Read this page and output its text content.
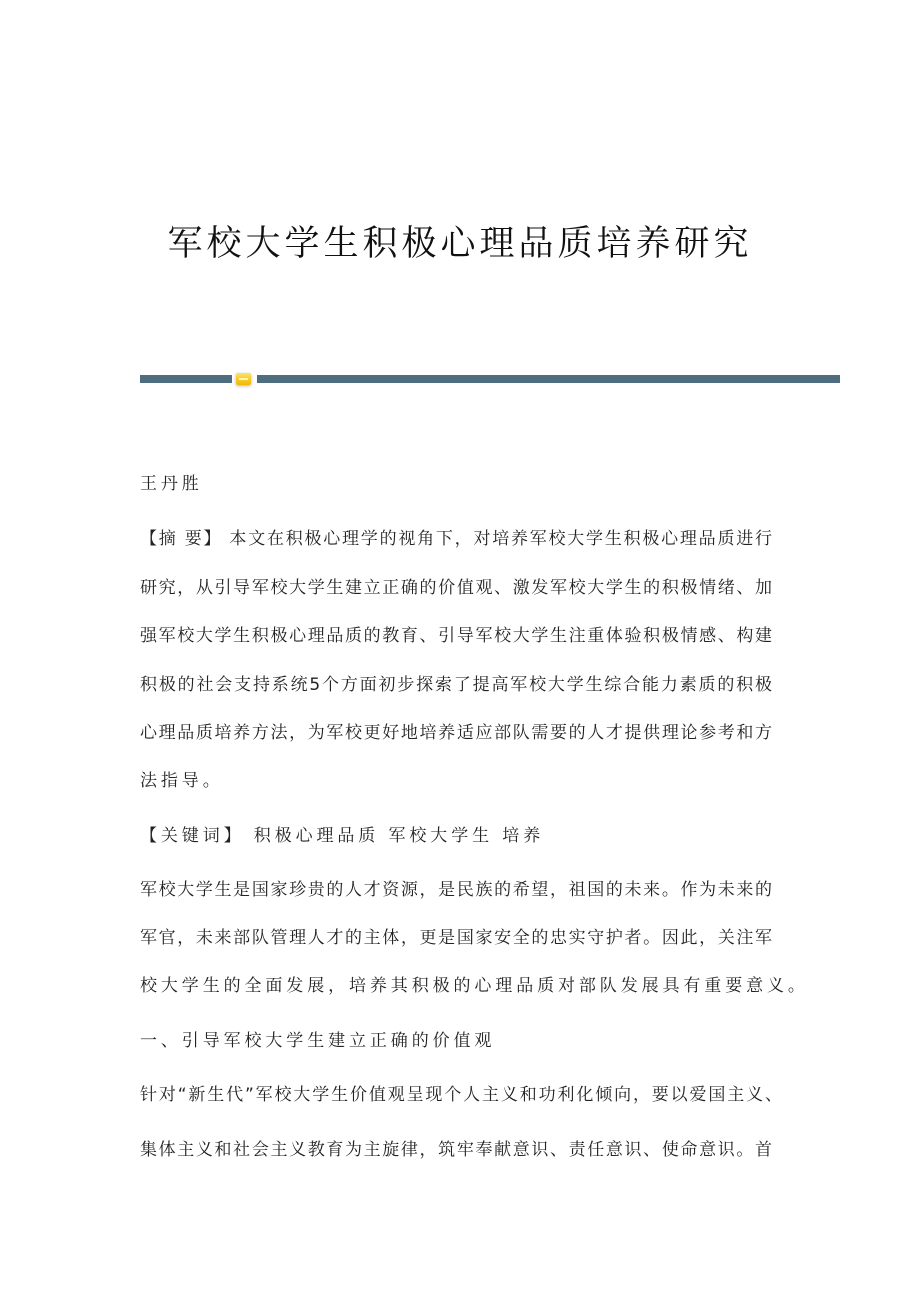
军校大学生积极心理品质培养研究
王丹胜
【摘 要】 本文在积极心理学的视角下，对培养军校大学生积极心理品质进行
研究，从引导军校大学生建立正确的价值观、激发军校大学生的积极情绪、加
强军校大学生积极心理品质的教育、引导军校大学生注重体验积极情感、构建
积极的社会支持系统5个方面初步探索了提高军校大学生综合能力素质的积极
心理品质培养方法，为军校更好地培养适应部队需要的人才提供理论参考和方
法指导。
【关键词】 积极心理品质 军校大学生 培养
军校大学生是国家珍贵的人才资源，是民族的希望，祖国的未来。作为未来的
军官，未来部队管理人才的主体，更是国家安全的忠实守护者。因此，关注军
校大学生的全面发展，培养其积极的心理品质对部队发展具有重要意义。
一、引导军校大学生建立正确的价值观
针对“新生代”军校大学生价值观呈现个人主义和功利化倾向，要以爱国主义、
集体主义和社会主义教育为主旋律，筑牢奉献意识、责任意识、使命意识。首
